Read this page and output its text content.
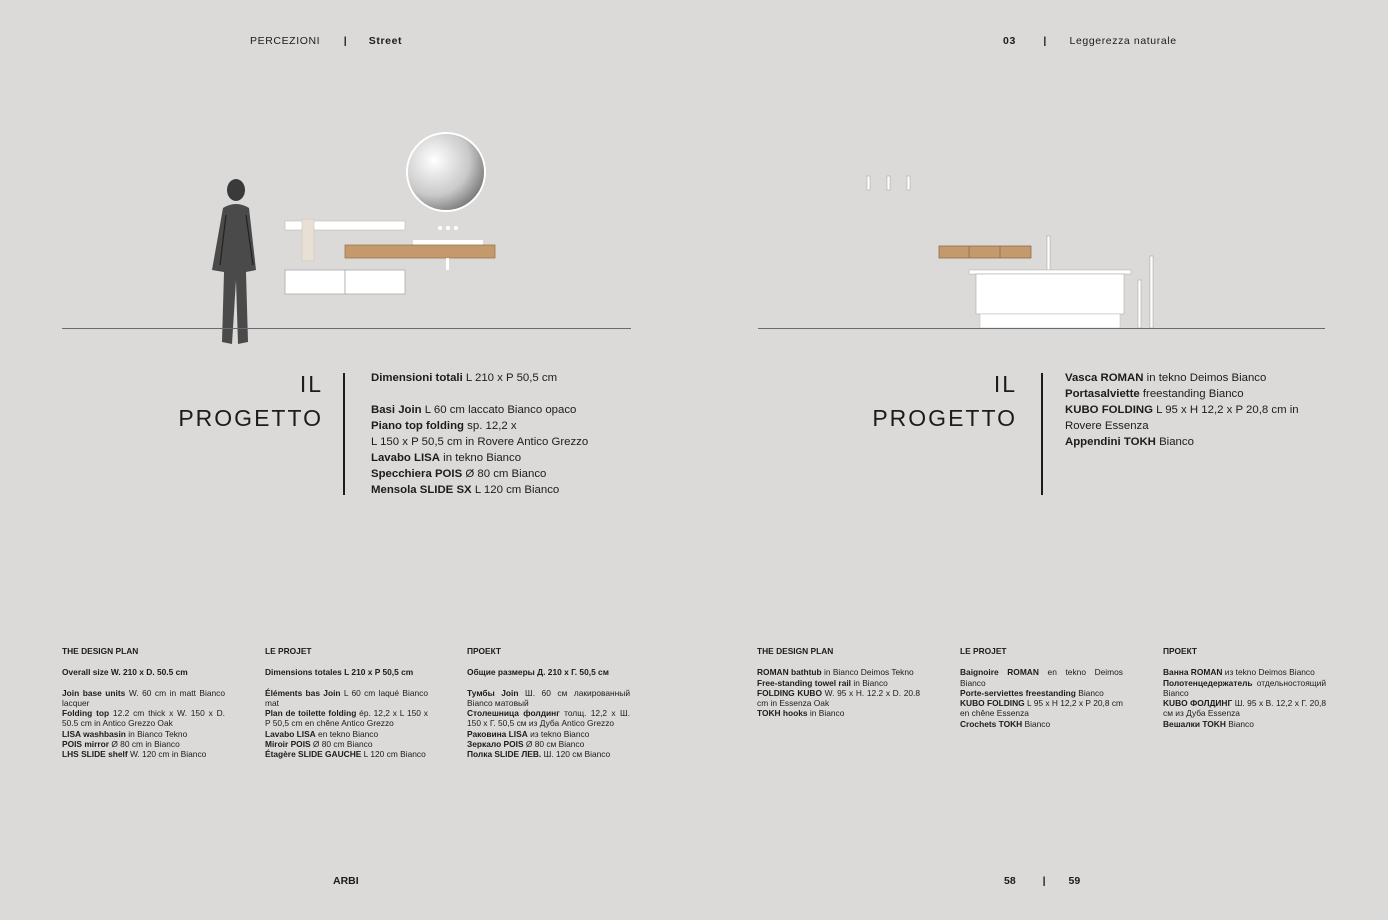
PERCEZIONI | Street	03	| Leggerezza naturale
IL
PROGETTO
Dimensioni totali L 210 x P 50,5 cm
Basi Join L 60 cm laccato Bianco opaco
Piano top folding sp. 12,2 x
L 150 x P 50,5 cm in Rovere Antico Grezzo
Lavabo LISA in tekno Bianco
Specchiera POIS Ø 80 cm Bianco
Mensola SLIDE SX L 120 cm Bianco
IL
PROGETTO
Vasca ROMAN in tekno Deimos Bianco
Portasalviette freestanding Bianco
KUBO FOLDING L 95 x H 12,2 x P 20,8 cm in
Rovere Essenza
Appendini TOKH Bianco
THE DESIGN PLAN
Overall size W. 210 x D. 50.5 cm

Join base units W. 60 cm in matt Bianco lacquer

Folding top 12.2 cm thick x W. 150 x D. 50.5 cm in Antico Grezzo Oak

LISA washbasin in Bianco Tekno

POIS mirror Ø 80 cm in Bianco

LHS SLIDE shelf W. 120 cm in Bianco

LE PROJET
Dimensions totales L 210 x P 50,5 cm

Éléments bas Join L 60 cm laqué Bianco mat

Plan de toilette folding ép. 12,2 x L 150 x P 50,5 cm en chêne Antico Grezzo

Lavabo LISA en tekno Bianco

Miroir POIS Ø 80 cm Bianco

Étagère SLIDE GAUCHE L 120 cm Bianco

ПРОЕКТ
Общие размеры Д. 210 x Г. 50,5 см

Тумбы Join Ш. 60 см лакированный Bianco матовый

Столешница фолдинг толщ. 12,2 x Ш. 150 x Г. 50,5 см из Дуба Antico Grezzo

Раковина LISA из tekno Bianco

Зеркало POIS Ø 80 см Bianco

Полка SLIDE ЛЕВ. Ш. 120 см Bianco

THE DESIGN PLAN

ROMAN bathtub in Bianco Deimos Tekno

Free-standing towel rail in Bianco

FOLDING KUBO W. 95 x H. 12.2 x D. 20.8 cm in Essenza Oak

TOKH hooks in Bianco

LE PROJET

Baignoire ROMAN en tekno Deimos Bianco

Porte-serviettes freestanding Bianco

KUBO FOLDING L 95 x H 12,2 x P 20,8 cm en chêne Essenza

Crochets TOKH Bianco

ПРОЕКТ

Ванна ROMAN из tekno Deimos Bianco

Полотенцедержатель отдельностоящий Bianco

KUBO ФОЛДИНГ Ш. 95 x В. 12,2 x Г. 20,8 см из Дуба Essenza

Вешалки TOKH Bianco

ARBI	58	| 59
